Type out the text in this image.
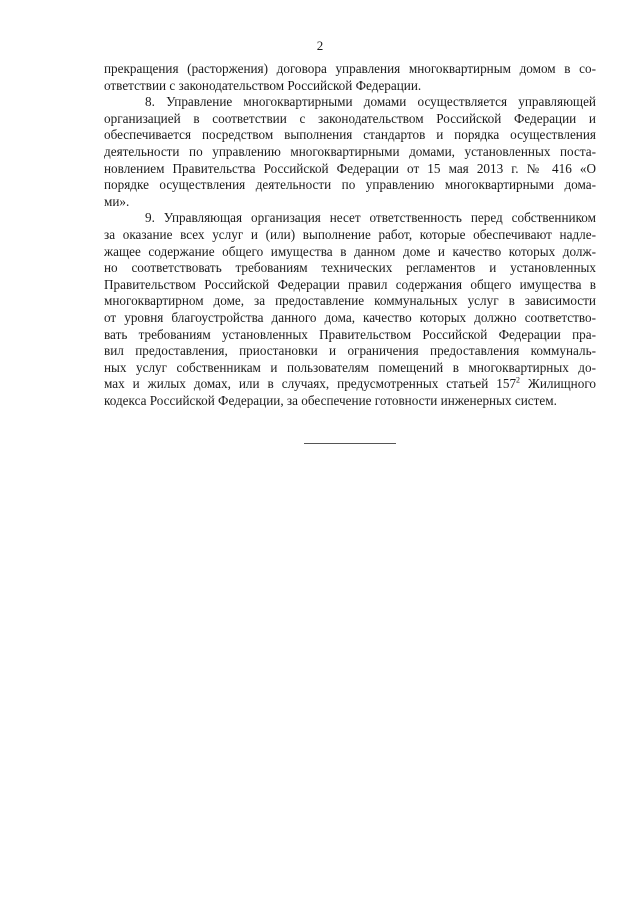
2
прекращения (расторжения) договора управления многоквартирным домом в со-
ответствии с законодательством Российской Федерации.
8. Управление многоквартирными домами осуществляется управляющей
организацией в соответствии с законодательством Российской Федерации и
обеспечивается посредством выполнения стандартов и порядка осуществления
деятельности по управлению многоквартирными домами, установленных поста-
новлением Правительства Российской Федерации от 15 мая 2013 г. № 416 «О
порядке осуществления деятельности по управлению многоквартирными дома-
ми».
9. Управляющая организация несет ответственность перед собственником
за оказание всех услуг и (или) выполнение работ, которые обеспечивают надле-
жащее содержание общего имущества в данном доме и качество которых долж-
но соответствовать требованиям технических регламентов и установленных
Правительством Российской Федерации правил содержания общего имущества в
многоквартирном доме, за предоставление коммунальных услуг в зависимости
от уровня благоустройства данного дома, качество которых должно соответство-
вать требованиям установленных Правительством Российской Федерации пра-
вил предоставления, приостановки и ограничения предоставления коммуналь-
ных услуг собственникам и пользователям помещений в многоквартирных до-
мах и жилых домах, или в случаях, предусмотренных статьей $157^2$ Жилищного
кодекса Российской Федерации, за обеспечение готовности инженерных систем.
